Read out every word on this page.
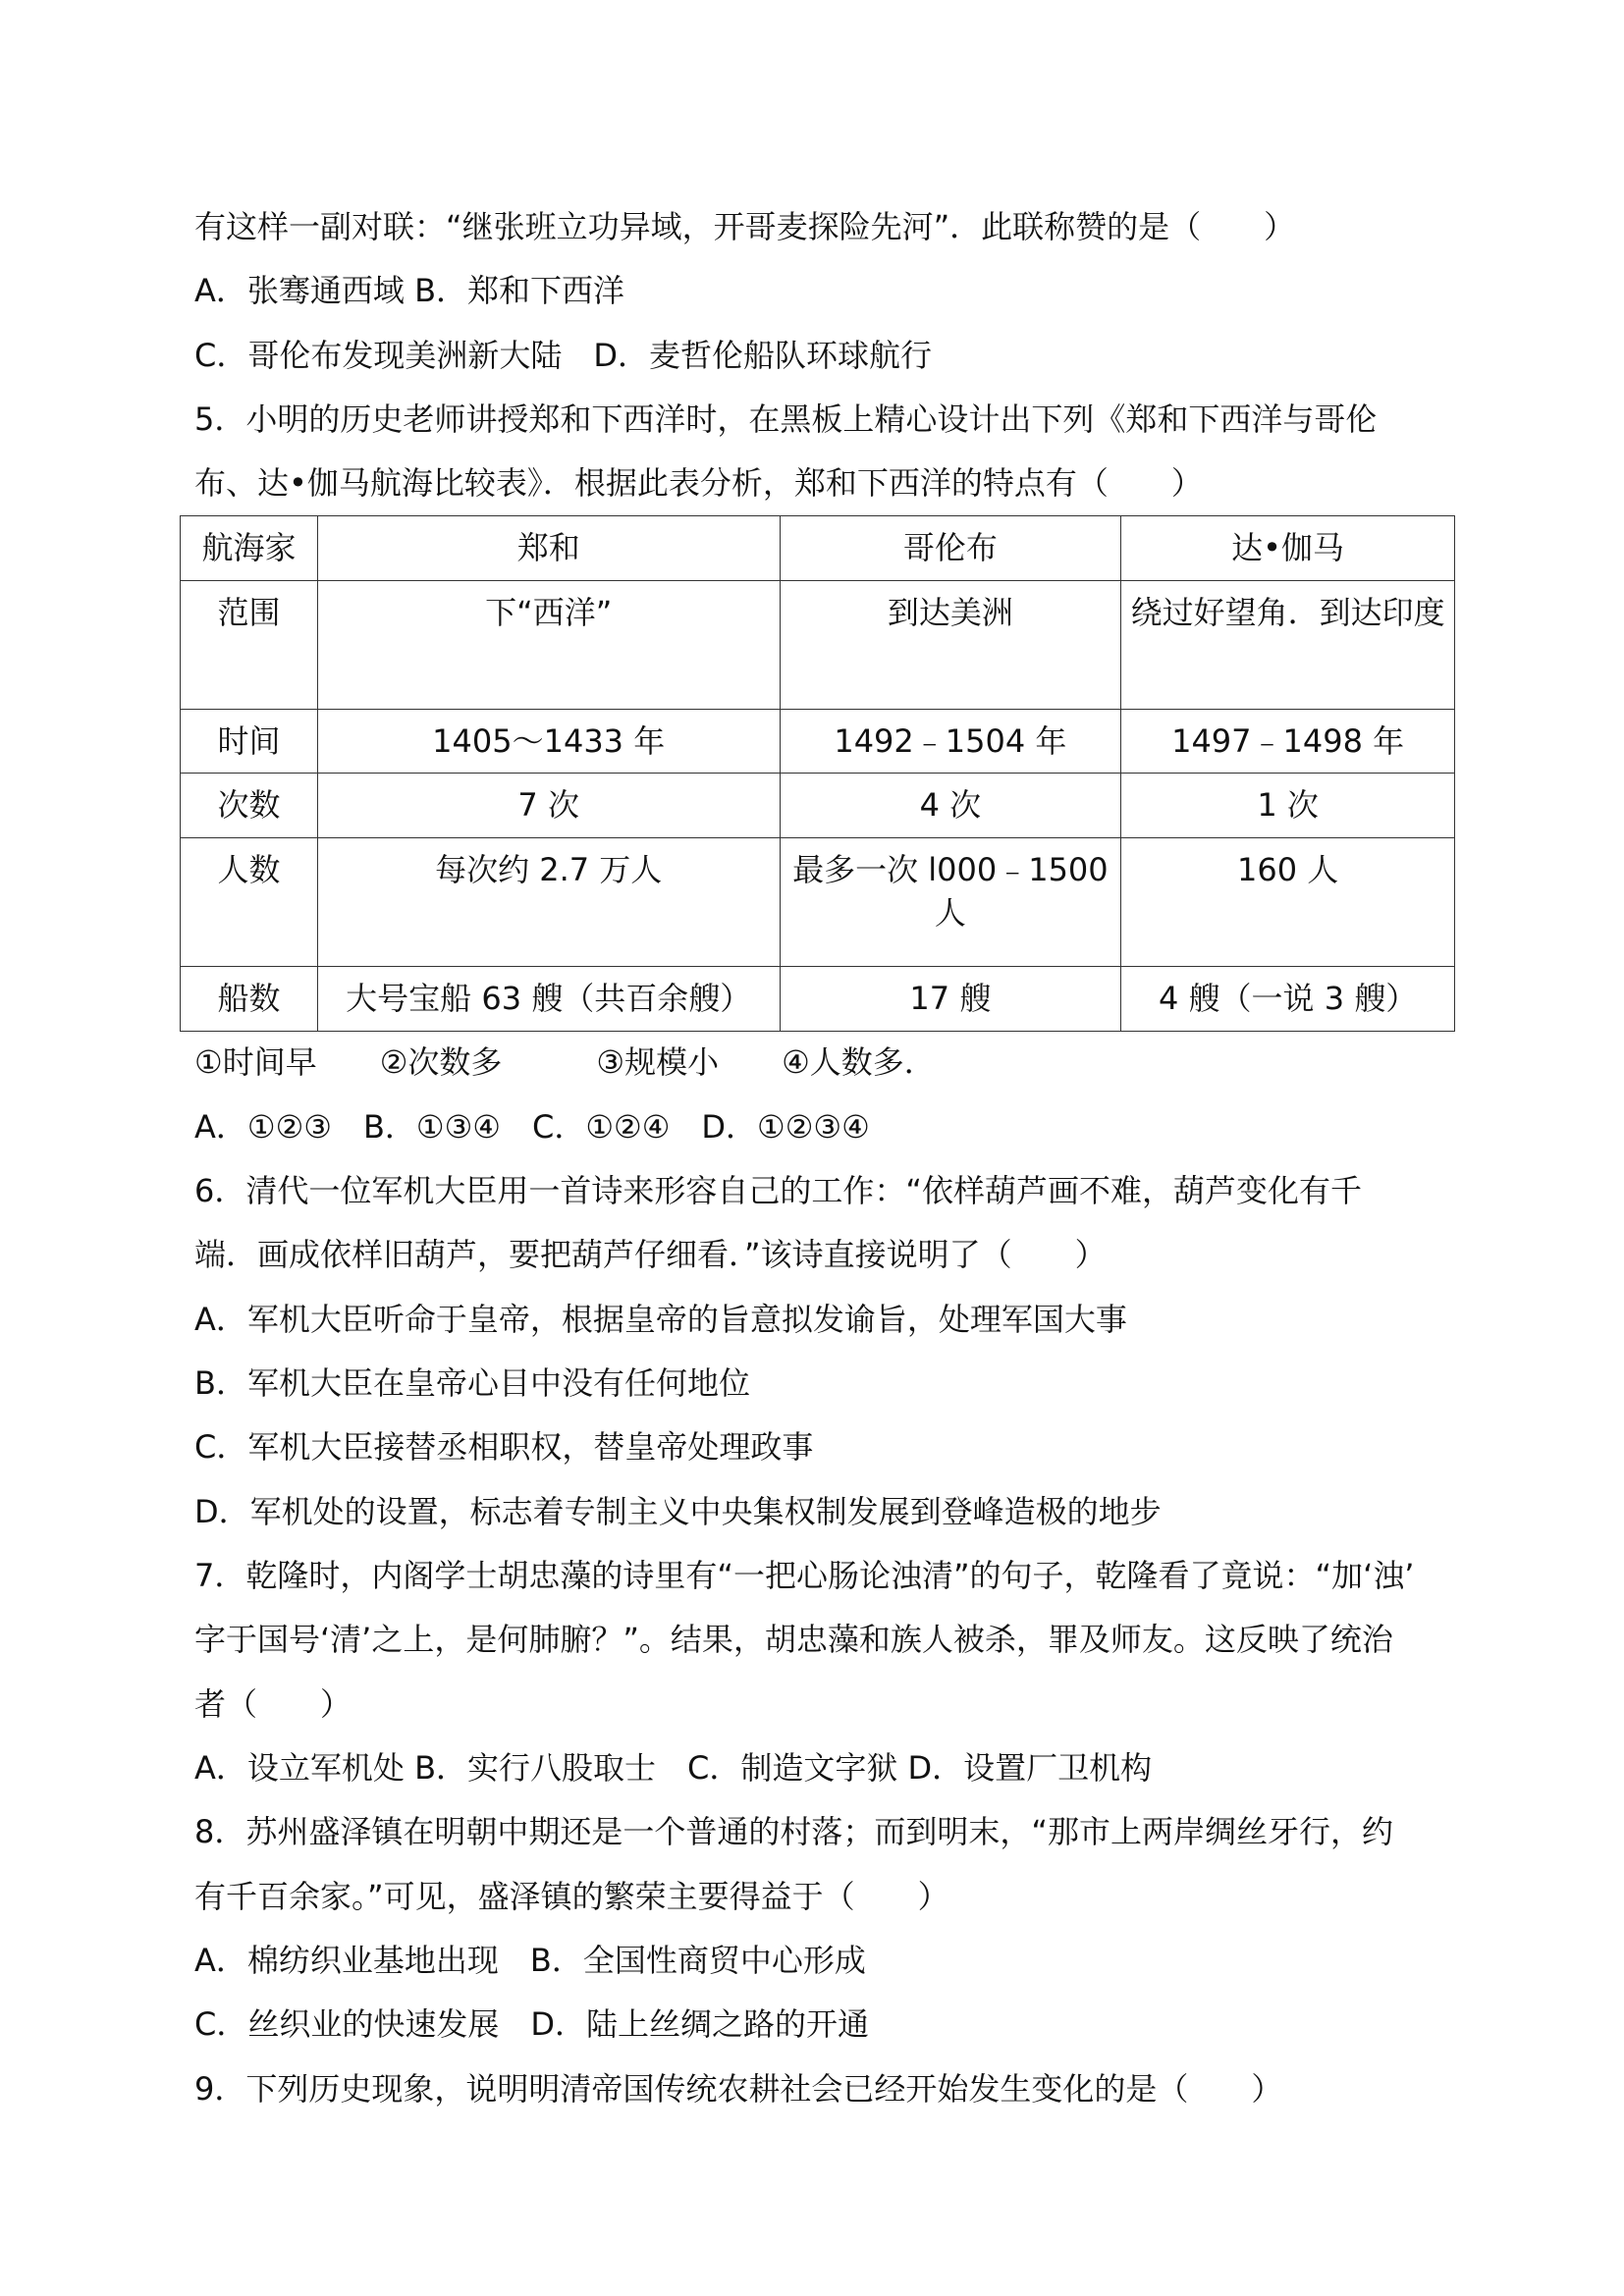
有这样一副对联：“继张班立功异域，开哥麦探险先河”．此联称赞的是（　　）
A．张骞通西域 B．郑和下西洋
C．哥伦布发现美洲新大陆　D．麦哲伦船队环球航行
5．小明的历史老师讲授郑和下西洋时，在黑板上精心设计出下列《郑和下西洋与哥伦
布、达•伽马航海比较表》．根据此表分析，郑和下西洋的特点有（　　）
航海家	郑和	哥伦布	达•伽马
范围	下“西洋”	到达美洲	绕过好望角．到达印度
时间	1405～1433 年	1492﹣1504 年	1497﹣1498 年
次数	7 次	4 次	1 次
人数	每次约 2.7 万人	最多一次 l000﹣1500 人	160 人
船数	大号宝船 63 艘（共百余艘）	17 艘	4 艘（一说 3 艘）
①时间早　　②次数多　　　③规模小　　④人数多．
A．①②③　B．①③④　C．①②④　D．①②③④
6．清代一位军机大臣用一首诗来形容自己的工作：“依样葫芦画不难，葫芦变化有千
端．画成依样旧葫芦，要把葫芦仔细看．”该诗直接说明了（　　）
A．军机大臣听命于皇帝，根据皇帝的旨意拟发谕旨，处理军国大事
B．军机大臣在皇帝心目中没有任何地位
C．军机大臣接替丞相职权，替皇帝处理政事
D．军机处的设置，标志着专制主义中央集权制发展到登峰造极的地步
7．乾隆时，内阁学士胡忠藻的诗里有“一把心肠论浊清”的句子，乾隆看了竟说：“加‘浊’
字于国号‘清’之上，是何肺腑？”。结果，胡忠藻和族人被杀，罪及师友。这反映了统治
者（　　）
A．设立军机处 B．实行八股取士　C．制造文字狱 D．设置厂卫机构
8．苏州盛泽镇在明朝中期还是一个普通的村落；而到明末，“那市上两岸绸丝牙行，约
有千百余家。”可见，盛泽镇的繁荣主要得益于（　　）
A．棉纺织业基地出现　B．全国性商贸中心形成
C．丝织业的快速发展　D．陆上丝绸之路的开通
9．下列历史现象，说明明清帝国传统农耕社会已经开始发生变化的是（　　）
